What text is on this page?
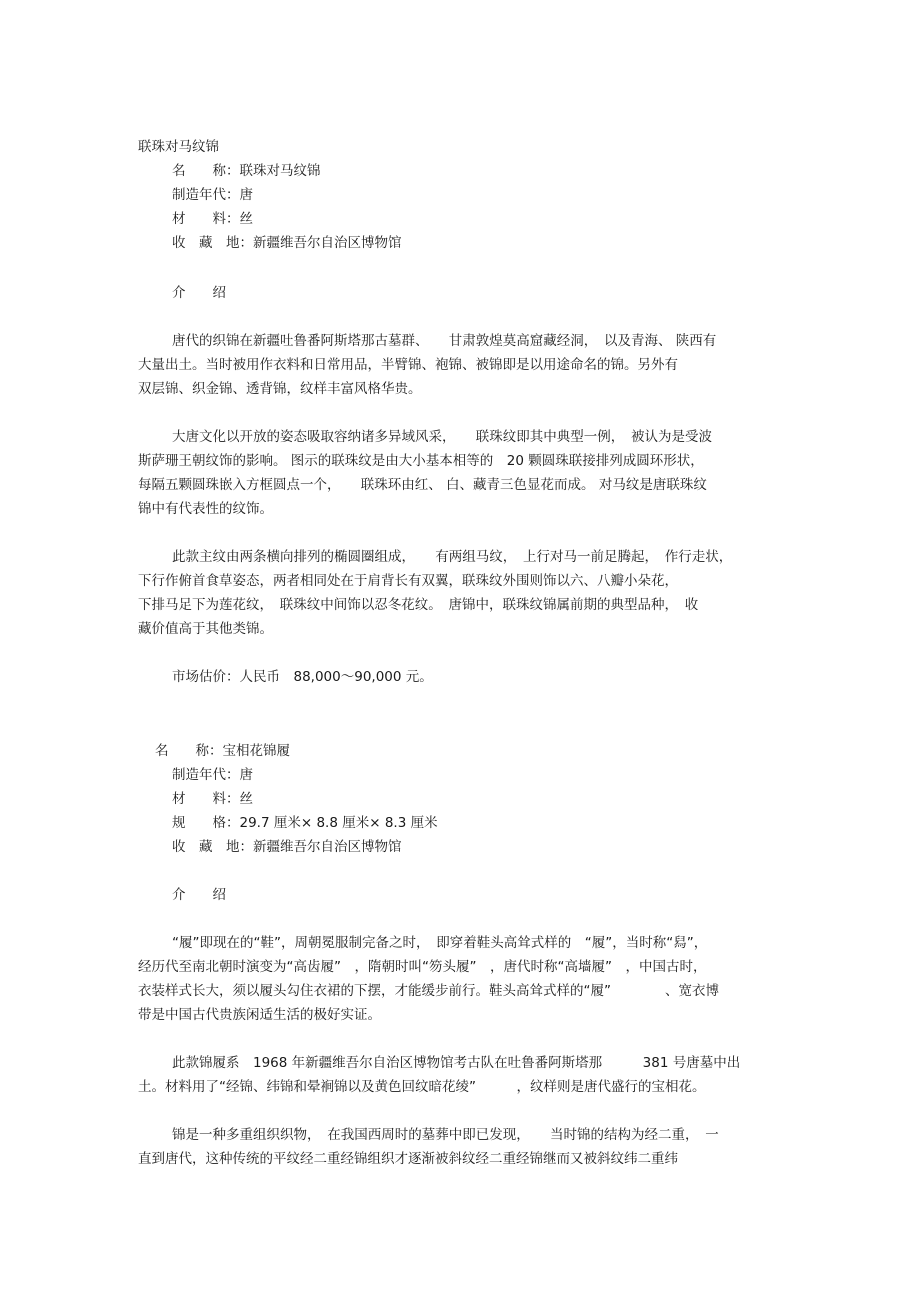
联珠对马纹锦
名　　称：联珠对马纹锦
制造年代：唐
材　　料：丝
收　藏　地：新疆维吾尔自治区博物馆
介　　绍
唐代的织锦在新疆吐鲁番阿斯塔那古墓群、　　甘肃敦煌莫高窟藏经洞，　以及青海、 陕西有
大量出土。当时被用作衣料和日常用品，半臂锦、袍锦、被锦即是以用途命名的锦。另外有
双层锦、织金锦、透背锦，纹样丰富风格华贵。
大唐文化以开放的姿态吸取容纳诸多异域风采，　　联珠纹即其中典型一例，　被认为是受波
斯萨珊王朝纹饰的影响。 图示的联珠纹是由大小基本相等的　20 颗圆珠联接排列成圆环形状，
每隔五颗圆珠嵌入方框圆点一个，　　联珠环由红、 白、藏青三色显花而成。 对马纹是唐联珠纹
锦中有代表性的纹饰。
此款主纹由两条横向排列的椭圆圈组成，　　有两组马纹，　上行对马一前足腾起，　作行走状，
下行作俯首食草姿态，两者相同处在于肩背长有双翼，联珠纹外围则饰以六、八瓣小朵花，
下排马足下为莲花纹，　联珠纹中间饰以忍冬花纹。　唐锦中，联珠纹锦属前期的典型品种，　收
藏价值高于其他类锦。
市场估价：人民币　88,000～90,000 元。
名　　称：宝相花锦履
制造年代：唐
材　　料：丝
规　　格：29.7 厘米× 8.8 厘米× 8.3 厘米
收　藏　地：新疆维吾尔自治区博物馆
介　　绍
“履”即现在的“鞋”，周朝冕服制完备之时，　即穿着鞋头高耸式样的　“履”，当时称“舄”，
经历代至南北朝时演变为“高齿履”　，隋朝时叫“笏头履”　，唐代时称“高墙履”　，中国古时，
衣装样式长大，须以履头勾住衣裙的下摆，才能缓步前行。鞋头高耸式样的“履”　　　　、宽衣博
带是中国古代贵族闲适生活的极好实证。
此款锦履系　1968 年新疆维吾尔自治区博物馆考古队在吐鲁番阿斯塔那　　　381 号唐墓中出
土。材料用了“经锦、纬锦和晕裥锦以及黄色回纹暗花绫”　　　，纹样则是唐代盛行的宝相花。
锦是一种多重组织织物，　在我国西周时的墓葬中即已发现，　　当时锦的结构为经二重，　一
直到唐代，这种传统的平纹经二重经锦组织才逐渐被斜纹经二重经锦继而又被斜纹纬二重纬
